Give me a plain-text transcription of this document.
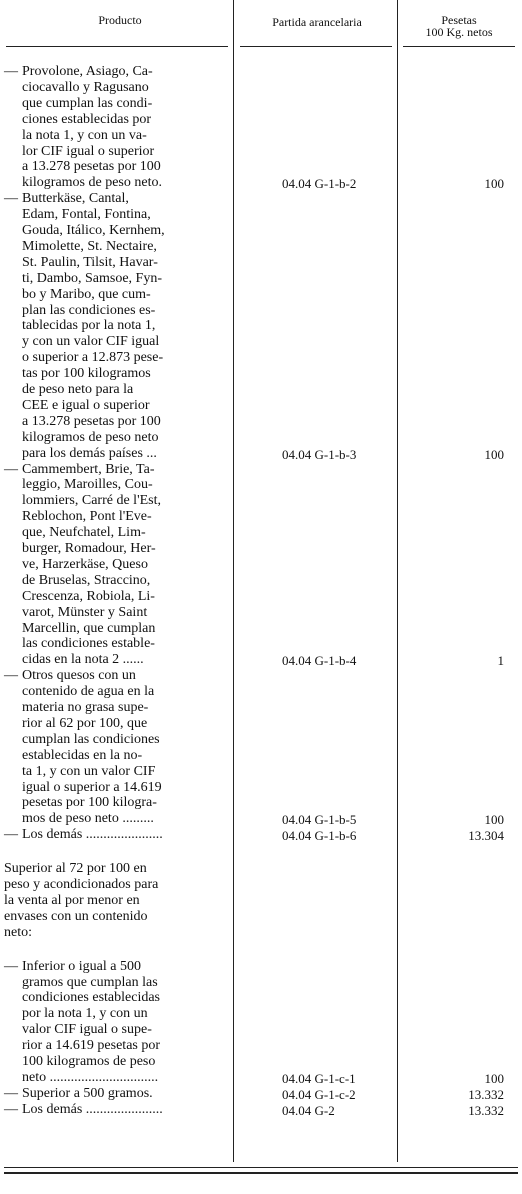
Producto	Partida arancelaria	Pesetas
100 Kg. netos
— Provolone, Asiago, Ca-
ciocavallo y Ragusano
que cumplan las condi-
ciones establecidas por
la nota 1, y con un va-
lor CIF igual o superior
a 13.278 pesetas por 100
kilogramos de peso neto.	04.04 G-1-b-2	100
— Butterkäse, Cantal,
Edam, Fontal, Fontina,
Gouda, Itálico, Kernhem,
Mimolette, St. Nectaire,
St. Paulin, Tilsit, Havar-
ti, Dambo, Samsoe, Fyn-
bo y Maribo, que cum-
plan las condiciones es-
tablecidas por la nota 1,
y con un valor CIF igual
o superior a 12.873 pese-
tas por 100 kilogramos
de peso neto para la
CEE e igual o superior
a 13.278 pesetas por 100
kilogramos de peso neto
para los demás países ...	04.04 G-1-b-3	100
— Cammembert, Brie, Ta-
leggio, Maroilles, Cou-
lommiers, Carré de l'Est,
Reblochon, Pont l'Eve-
que, Neufchatel, Lim-
burger, Romadour, Her-
ve, Harzerkäse, Queso
de Bruselas, Straccino,
Crescenza, Robiola, Li-
varot, Münster y Saint
Marcellin, que cumplan
las condiciones estable-
cidas en la nota 2 ......	04.04 G-1-b-4	1
— Otros quesos con un
contenido de agua en la
materia no grasa supe-
rior al 62 por 100, que
cumplan las condiciones
establecidas en la no-
ta 1, y con un valor CIF
igual o superior a 14.619
pesetas por 100 kilogra-
mos de peso neto .........	04.04 G-1-b-5	100
— Los demás ......................	04.04 G-1-b-6	13.304
Superior al 72 por 100 en
peso y acondicionados para
la venta al por menor en
envases con un contenido
neto:
— Inferior o igual a 500
gramos que cumplan las
condiciones establecidas
por la nota 1, y con un
valor CIF igual o supe-
rior a 14.619 pesetas por
100 kilogramos de peso
neto ...............................	04.04 G-1-c-1	100
— Superior a 500 gramos.	04.04 G-1-c-2	13.332
— Los demás ......................	04.04 G-2	13.332
